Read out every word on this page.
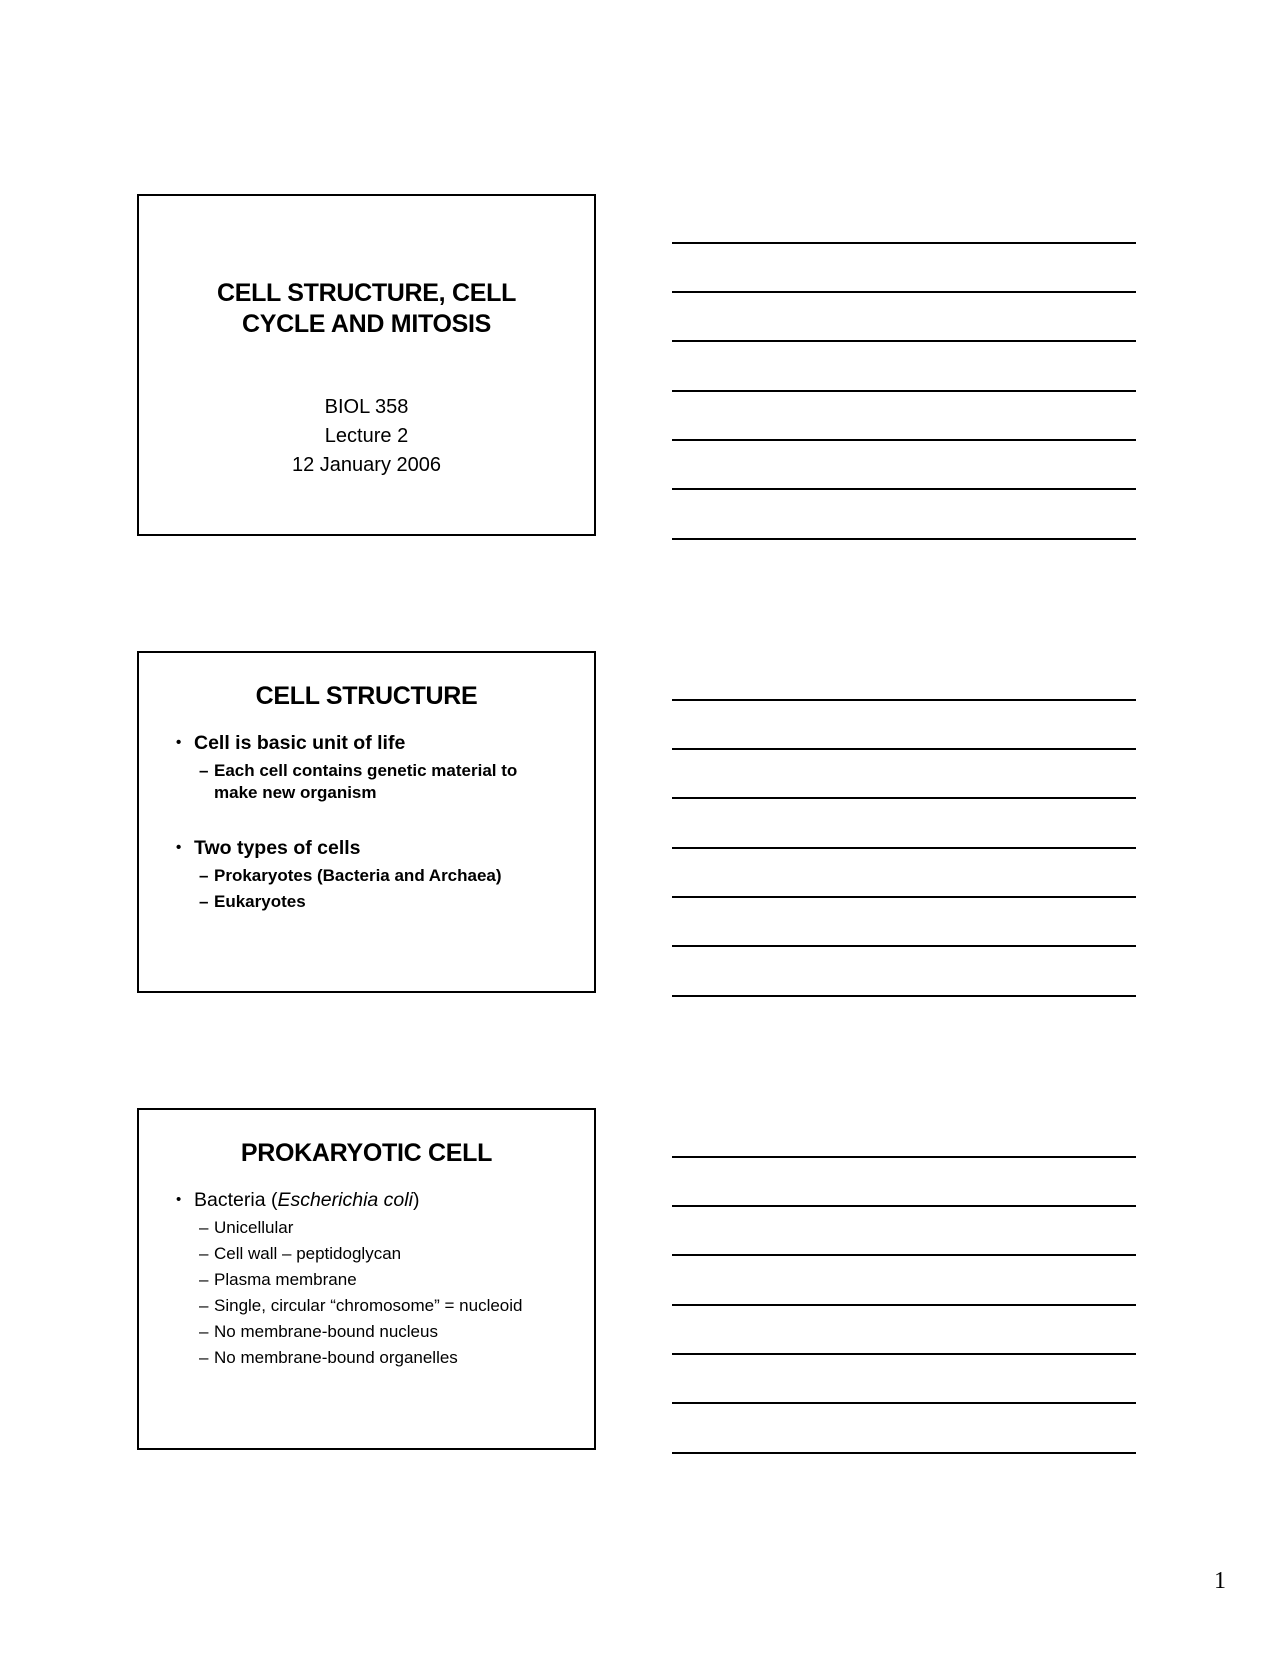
CELL STRUCTURE, CELL
CYCLE AND MITOSIS
BIOL 358
Lecture 2
12 January 2006
CELL STRUCTURE
• Cell is basic unit of life
– Each cell contains genetic material to
make new organism
• Two types of cells
– Prokaryotes (Bacteria and Archaea)
– Eukaryotes
PROKARYOTIC CELL
• Bacteria (Escherichia coli)
– Unicellular
– Cell wall – peptidoglycan
– Plasma membrane
– Single, circular “chromosome” = nucleoid
– No membrane-bound nucleus
– No membrane-bound organelles
1
